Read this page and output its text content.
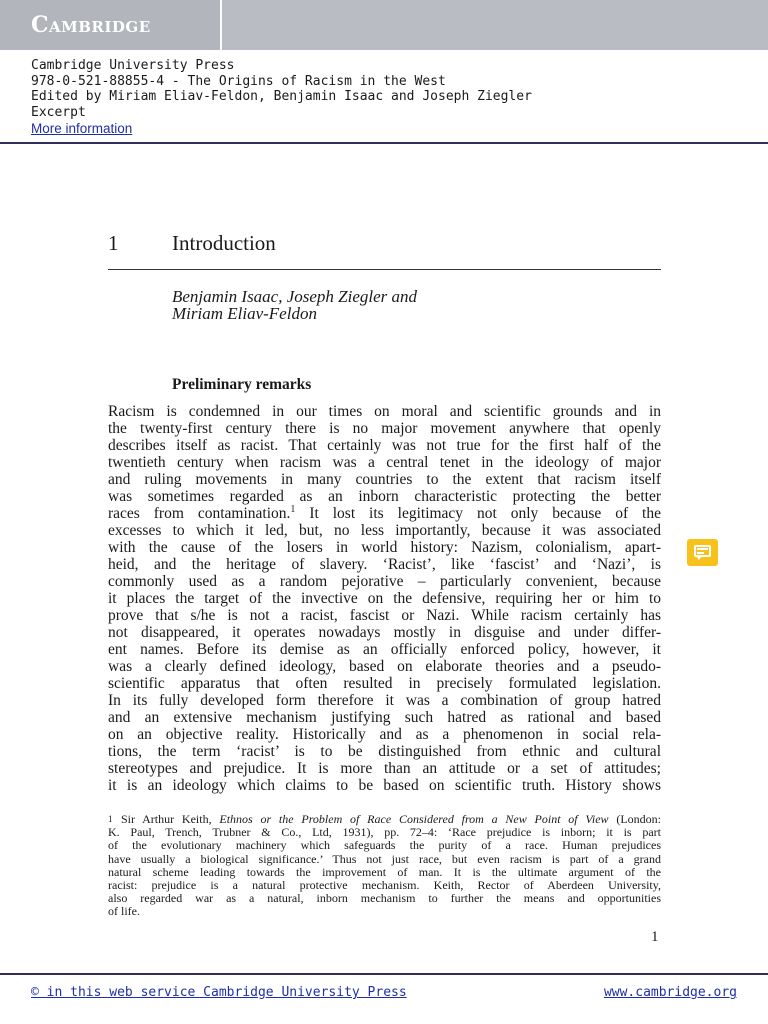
Cambridge
Cambridge University Press
978-0-521-88855-4 - The Origins of Racism in the West
Edited by Miriam Eliav-Feldon, Benjamin Isaac and Joseph Ziegler
Excerpt
More information
1	Introduction
Benjamin Isaac, Joseph Ziegler and
Miriam Eliav-Feldon
Preliminary remarks
Racism is condemned in our times on moral and scientific grounds and in
the twenty-first century there is no major movement anywhere that openly
describes itself as racist. That certainly was not true for the first half of the
twentieth century when racism was a central tenet in the ideology of major
and ruling movements in many countries to the extent that racism itself
was sometimes regarded as an inborn characteristic protecting the better
races from contamination.$^1$ It lost its legitimacy not only because of the
excesses to which it led, but, no less importantly, because it was associated
with the cause of the losers in world history: Nazism, colonialism, apart-
heid, and the heritage of slavery. ‘Racist’, like ‘fascist’ and ‘Nazi’, is
commonly used as a random pejorative – particularly convenient, because
it places the target of the invective on the defensive, requiring her or him to
prove that s/he is not a racist, fascist or Nazi. While racism certainly has
not disappeared, it operates nowadays mostly in disguise and under differ-
ent names. Before its demise as an officially enforced policy, however, it
was a clearly defined ideology, based on elaborate theories and a pseudo-
scientific apparatus that often resulted in precisely formulated legislation.
In its fully developed form therefore it was a combination of group hatred
and an extensive mechanism justifying such hatred as rational and based
on an objective reality. Historically and as a phenomenon in social rela-
tions, the term ‘racist’ is to be distinguished from ethnic and cultural
stereotypes and prejudice. It is more than an attitude or a set of attitudes;
it is an ideology which claims to be based on scientific truth. History shows
1 Sir Arthur Keith, Ethnos or the Problem of Race Considered from a New Point of View (London:
K. Paul, Trench, Trubner & Co., Ltd, 1931), pp. 72–4: ‘Race prejudice is inborn; it is part
of the evolutionary machinery which safeguards the purity of a race. Human prejudices
have usually a biological significance.’ Thus not just race, but even racism is part of a grand
natural scheme leading towards the improvement of man. It is the ultimate argument of the
racist: prejudice is a natural protective mechanism. Keith, Rector of Aberdeen University,
also regarded war as a natural, inborn mechanism to further the means and opportunities
of life.
1
© in this web service Cambridge University Press	www.cambridge.org
